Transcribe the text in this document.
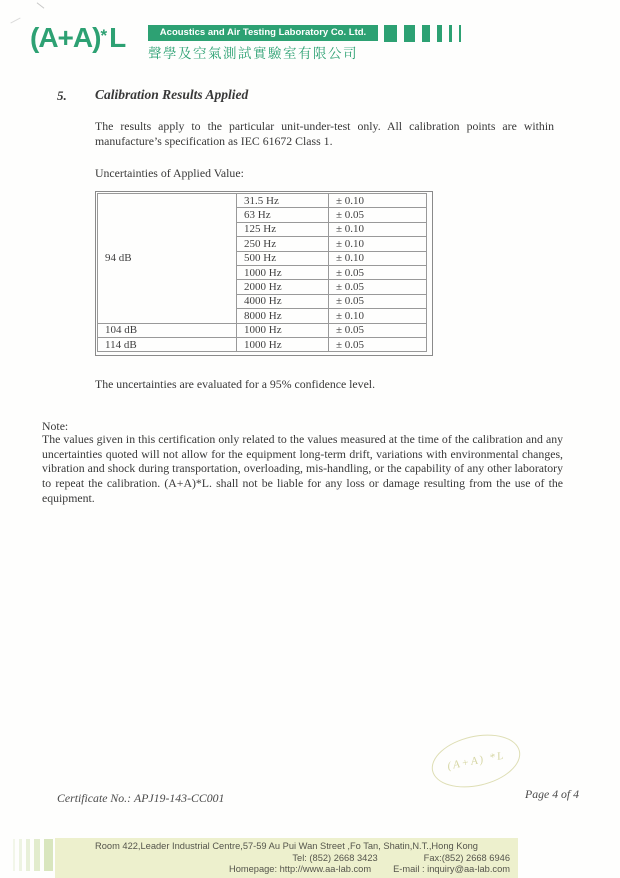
(A+A)*L	Acoustics and Air Testing Laboratory Co. Ltd.
聲學及空氣測試實驗室有限公司
5. Calibration Results Applied
The results apply to the particular unit-under-test only. All calibration points are within manufacture’s specification as IEC 61672 Class 1.
Uncertainties of Applied Value:
94 dB	31.5 Hz	± 0.10
	63 Hz	± 0.05
	125 Hz	± 0.10
	250 Hz	± 0.10
	500 Hz	± 0.10
	1000 Hz	± 0.05
	2000 Hz	± 0.05
	4000 Hz	± 0.05
	8000 Hz	± 0.10
104 dB	1000 Hz	± 0.05
114 dB	1000 Hz	± 0.05
The uncertainties are evaluated for a 95% confidence level.
Note:
The values given in this certification only related to the values measured at the time of the calibration and any uncertainties quoted will not allow for the equipment long-term drift, variations with environmental changes, vibration and shock during transportation, overloading, mis-handling, or the capability of any other laboratory to repeat the calibration. (A+A)*L. shall not be liable for any loss or damage resulting from the use of the equipment.
(A+A) *L
Certificate No.: APJ19-143-CC001	Page 4 of 4
Room 422,Leader Industrial Centre,57-59 Au Pui Wan Street ,Fo Tan, Shatin,N.T.,Hong Kong
Tel: (852) 2668 3423	Fax:(852) 2668 6946
Homepage: http://www.aa-lab.com E-mail : inquiry@aa-lab.com
